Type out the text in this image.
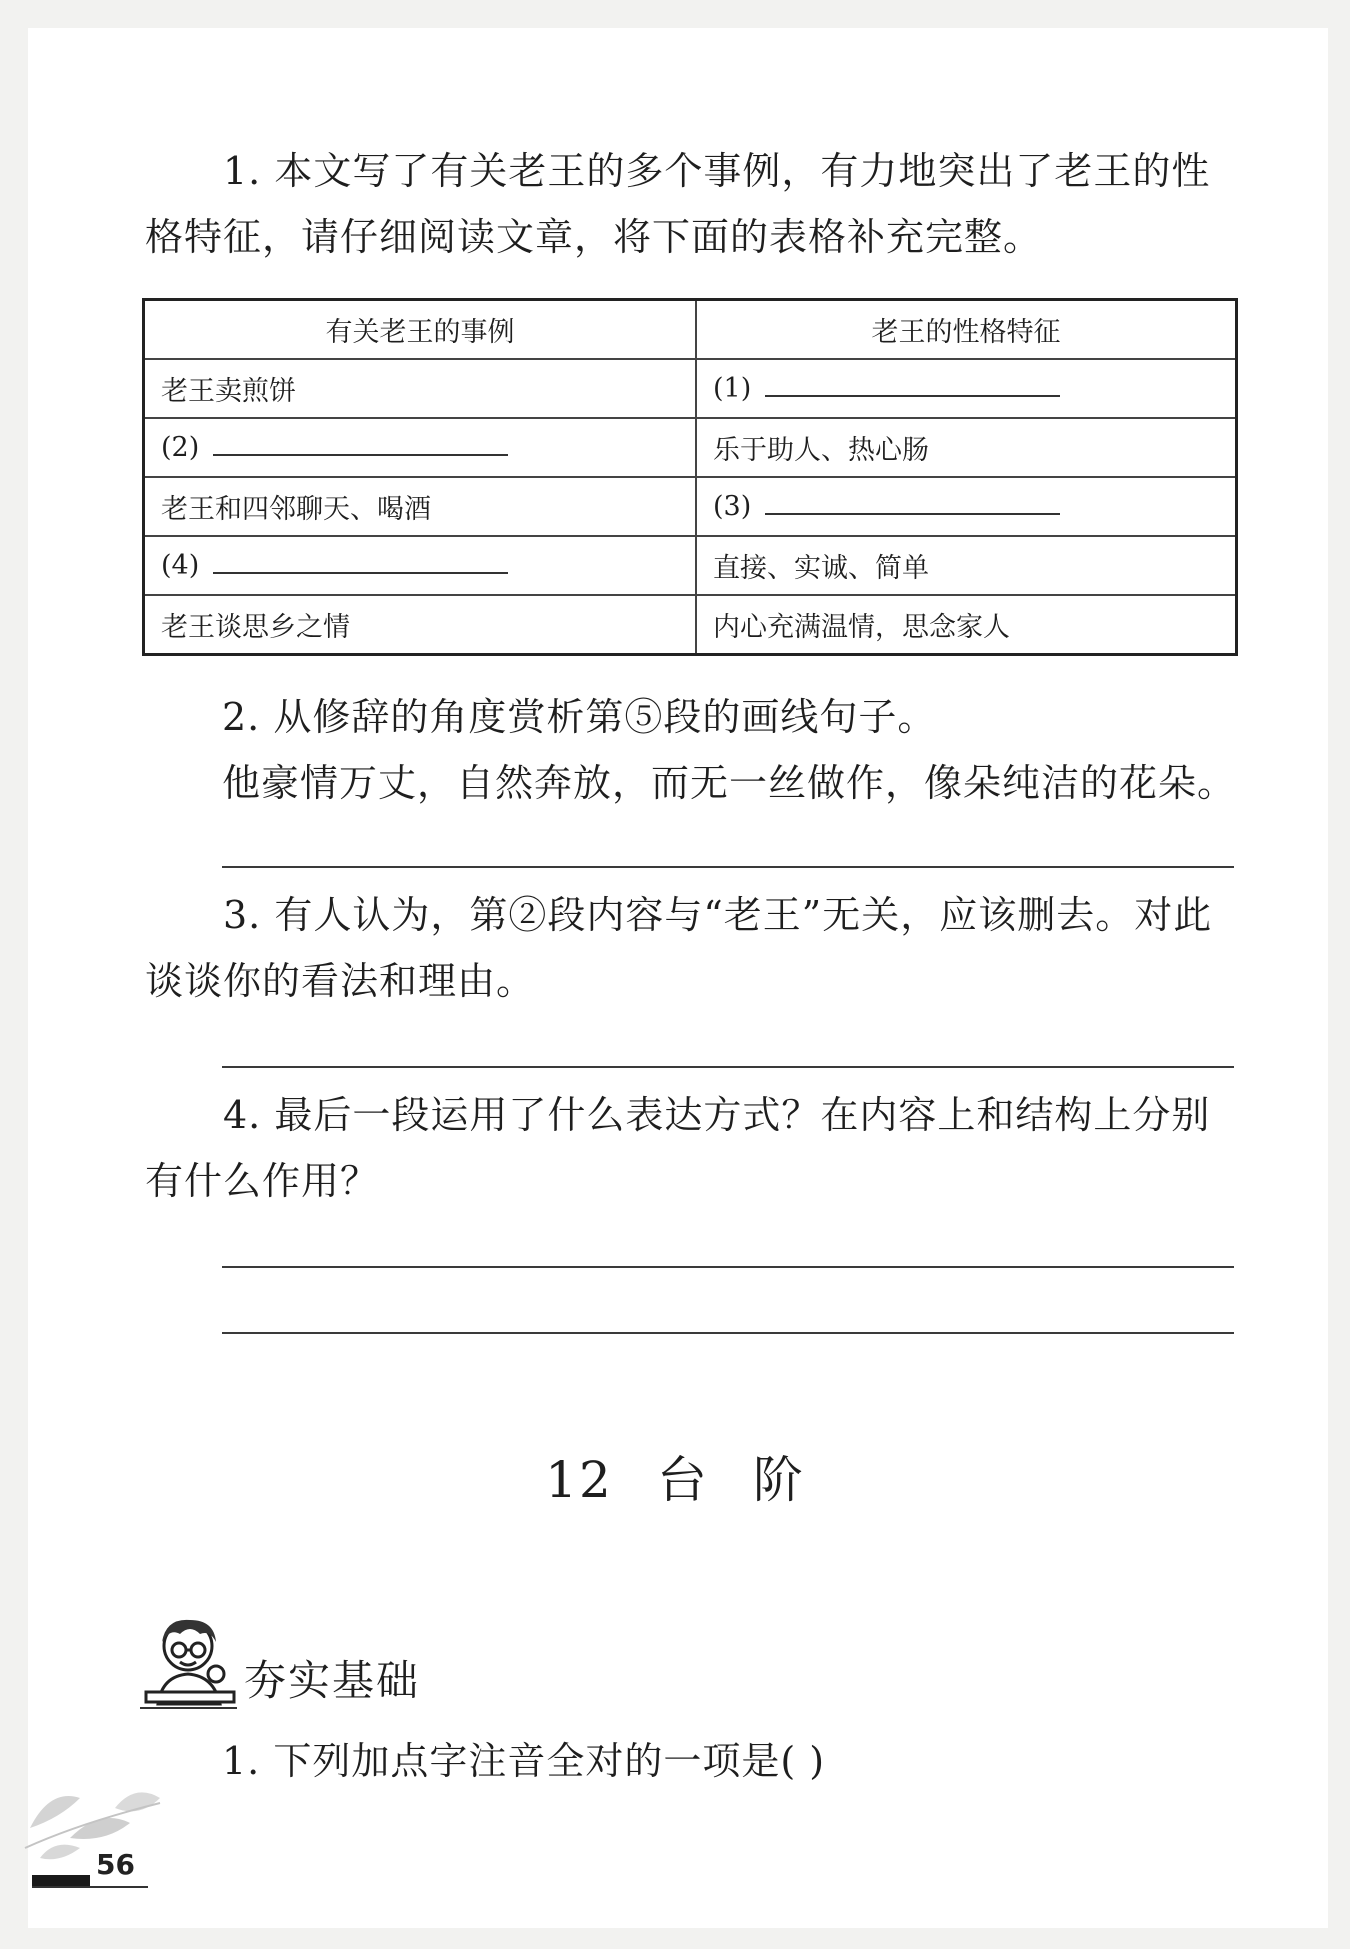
1. 本文写了有关老王的多个事例，有力地突出了老王的性格特征，请仔细阅读文章，将下面的表格补充完整。

有关老王的事例	老王的性格特征
老王卖煎饼	(1)
(2)	乐于助人、热心肠
老王和四邻聊天、喝酒	(3)
(4)	直接、实诚、简单
老王谈思乡之情	内心充满温情，思念家人

2. 从修辞的角度赏析第⑤段的画线句子。

他豪情万丈，自然奔放，而无一丝做作，像朵纯洁的花朵。

3. 有人认为，第②段内容与“老王”无关，应该删去。对此谈谈你的看法和理由。

4. 最后一段运用了什么表达方式？在内容上和结构上分别有什么作用？

12 台 阶
夯实基础

1. 下列加点字注音全对的一项是( )

56
